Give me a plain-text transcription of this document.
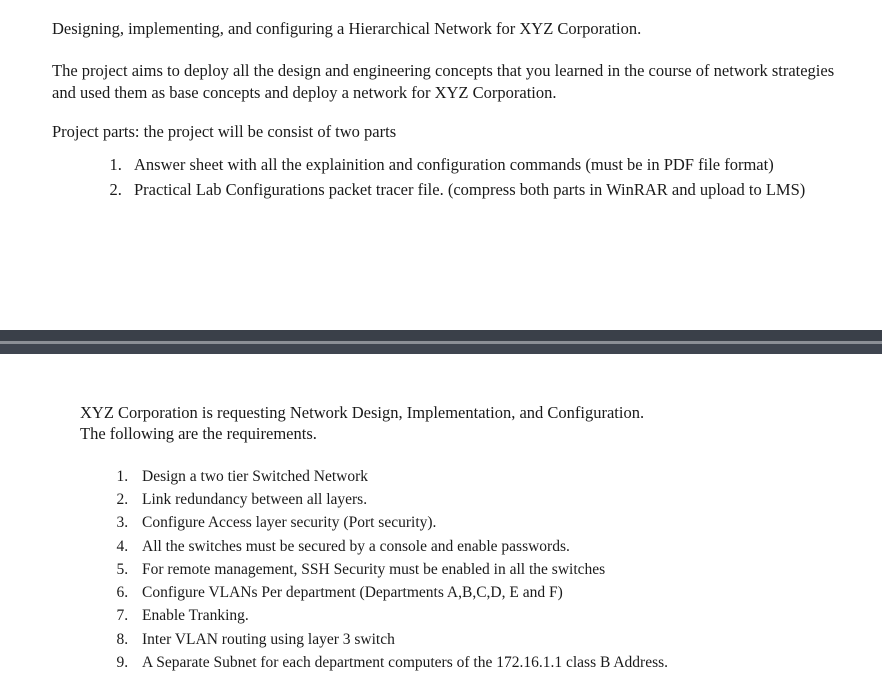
Designing, implementing, and configuring a Hierarchical Network for XYZ Corporation.

The project aims to deploy all the design and engineering concepts that you learned in the course of network strategies and used them as base concepts and deploy a network for XYZ Corporation.

Project parts: the project will be consist of two parts

1. Answer sheet with all the explainition and configuration commands (must be in PDF file format)
2. Practical Lab Configurations packet tracer file. (compress both parts in WinRAR and upload to LMS)

XYZ Corporation is requesting Network Design, Implementation, and Configuration.

The following are the requirements.

1. Design a two tier Switched Network
2. Link redundancy between all layers.
3. Configure Access layer security (Port security).
4. All the switches must be secured by a console and enable passwords.
5. For remote management, SSH Security must be enabled in all the switches
6. Configure VLANs Per department (Departments A,B,C,D, E and F)
7. Enable Tranking.
8. Inter VLAN routing using layer 3 switch
9. A Separate Subnet for each department computers of the 172.16.1.1 class B Address.
